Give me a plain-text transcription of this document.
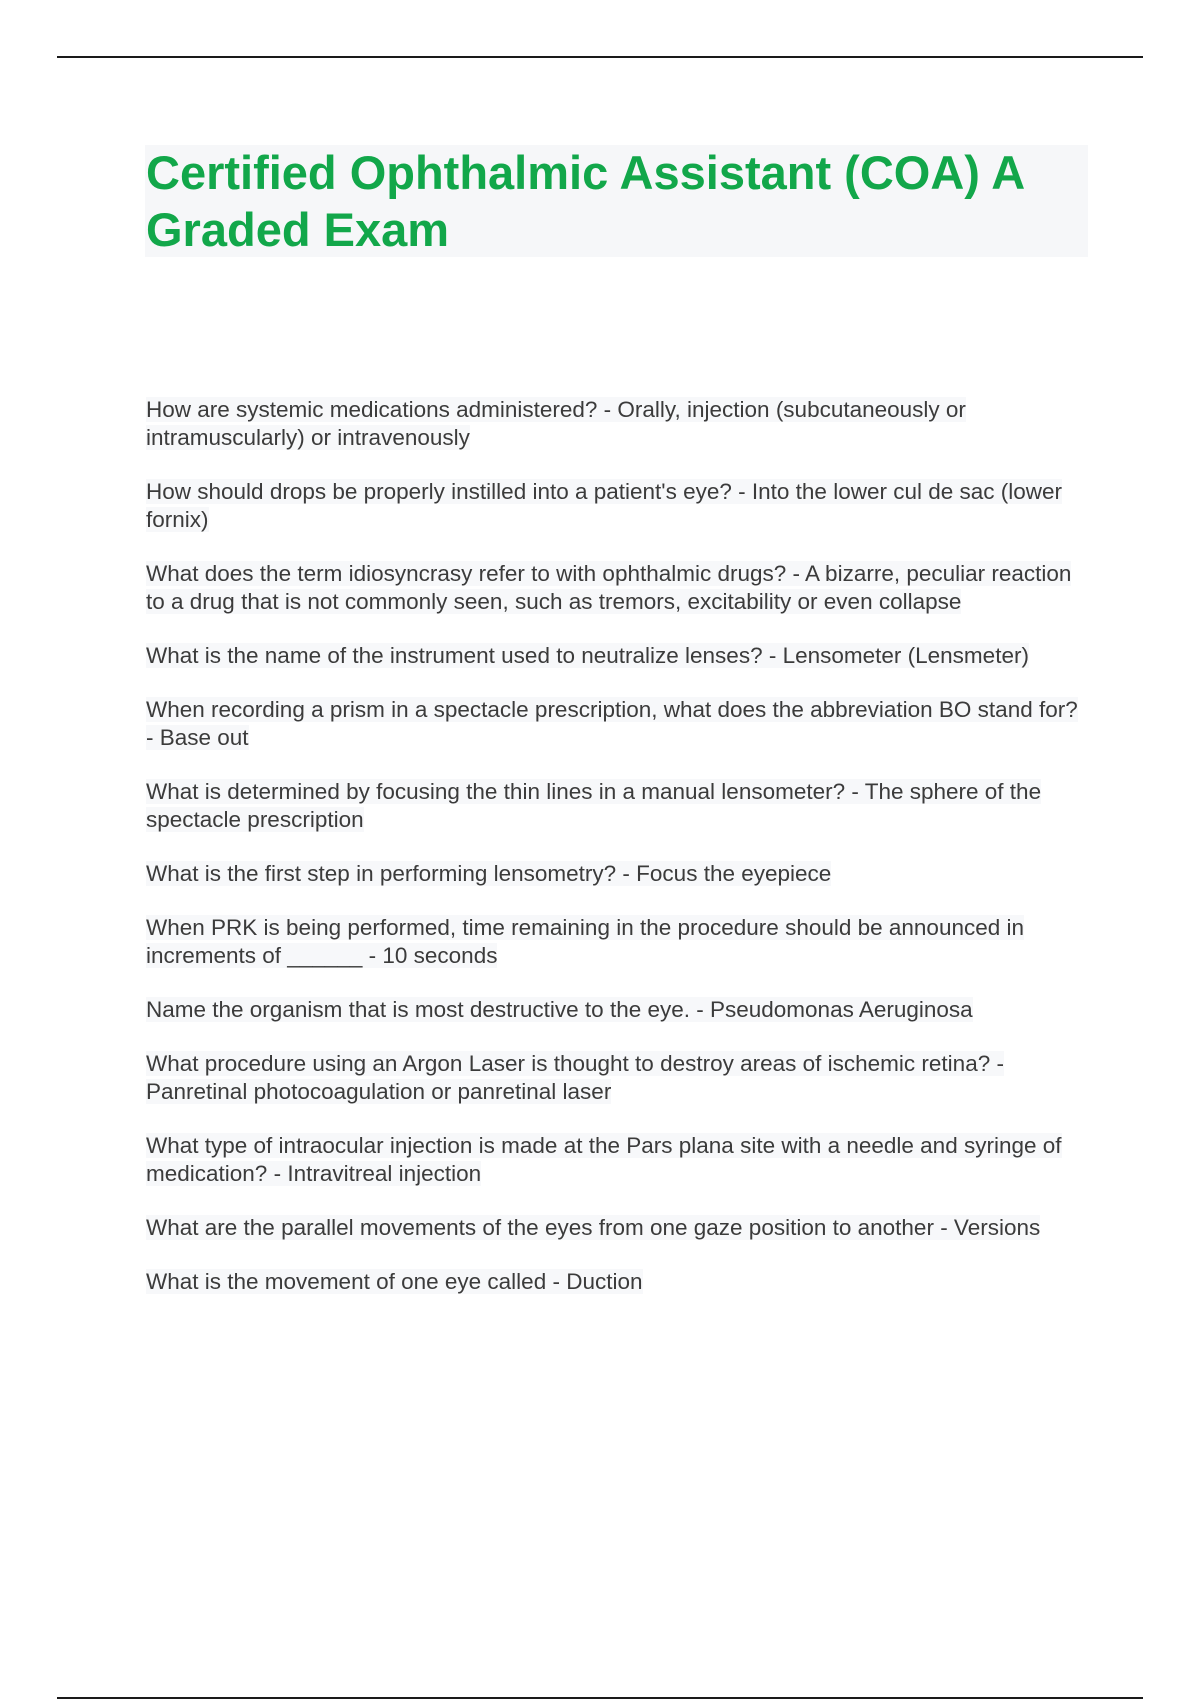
Certified Ophthalmic Assistant (COA) A Graded Exam
How are systemic medications administered? - Orally, injection (subcutaneously or intramuscularly) or intravenously
How should drops be properly instilled into a patient's eye? - Into the lower cul de sac (lower fornix)
What does the term idiosyncrasy refer to with ophthalmic drugs? - A bizarre, peculiar reaction to a drug that is not commonly seen, such as tremors, excitability or even collapse
What is the name of the instrument used to neutralize lenses? - Lensometer (Lensmeter)
When recording a prism in a spectacle prescription, what does the abbreviation BO stand for? - Base out
What is determined by focusing the thin lines in a manual lensometer? - The sphere of the spectacle prescription
What is the first step in performing lensometry? - Focus the eyepiece
When PRK is being performed, time remaining in the procedure should be announced in increments of ______ - 10 seconds
Name the organism that is most destructive to the eye. - Pseudomonas Aeruginosa
What procedure using an Argon Laser is thought to destroy areas of ischemic retina? - Panretinal photocoagulation or panretinal laser
What type of intraocular injection is made at the Pars plana site with a needle and syringe of medication? - Intravitreal injection
What are the parallel movements of the eyes from one gaze position to another - Versions
What is the movement of one eye called - Duction
